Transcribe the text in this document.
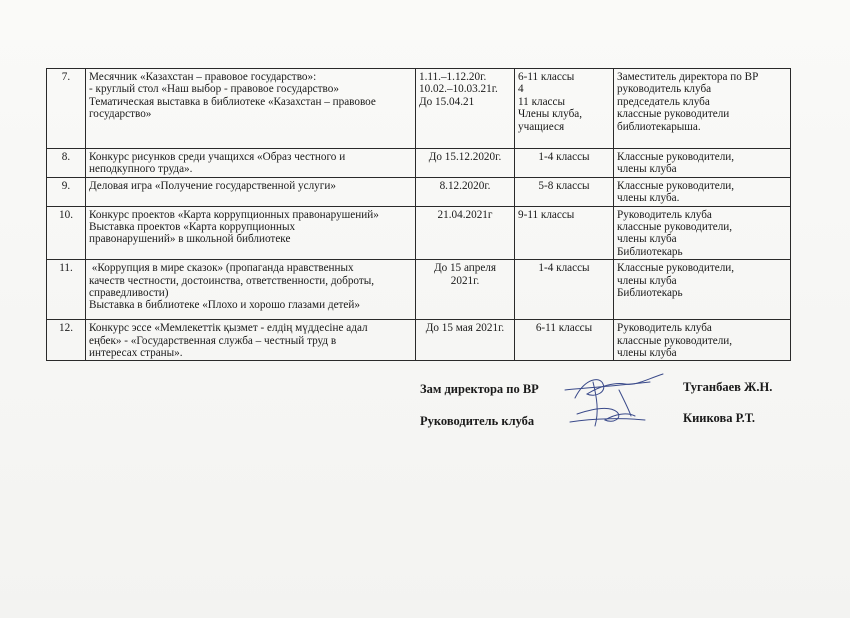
7.	Месячник «Казахстан – правовое государство»:
- круглый стол «Наш выбор - правовое государство»
Тематическая выставка в библиотеке «Казахстан – правовое
государство»	1.11.–1.12.20г.
10.02.–10.03.21г.
До 15.04.21	6-11 классы
4
11 классы
Члены клуба,
учащиеся	Заместитель директора по ВР
руководитель клуба
председатель клуба
классные руководители
библиотекарыша.

8.	Конкурс рисунков среди учащихся «Образ честного и
неподкупного труда».	До 15.12.2020г.	1-4 классы	Классные руководители,
члены клуба

9.	Деловая игра «Получение государственной услуги»	8.12.2020г.	5-8 классы	Классные руководители,
члены клуба.

10.	Конкурс проектов «Карта коррупционных правонарушений»
Выставка проектов «Карта коррупционных
правонарушений» в школьной библиотеке	21.04.2021г	9-11 классы	Руководитель клуба
классные руководители,
члены клуба
Библиотекарь

11.	«Коррупция в мире сказок» (пропаганда нравственных
качеств честности, достоинства, ответственности, доброты,
справедливости)
Выставка в библиотеке «Плохо и хорошо глазами детей»	До 15 апреля
2021г.	1-4 классы	Классные руководители,
члены клуба
Библиотекарь

12.	Конкурс эссе «Мемлекеттік қызмет - елдің мүддесіне адал
еңбек» - «Государственная служба – честный труд в
интересах страны».	До 15 мая 2021г.	6-11 классы	Руководитель клуба
классные руководители,
члены клуба
Зам директора по ВР	Туганбаев Ж.Н.
Руководитель клуба	Киикова Р.Т.
